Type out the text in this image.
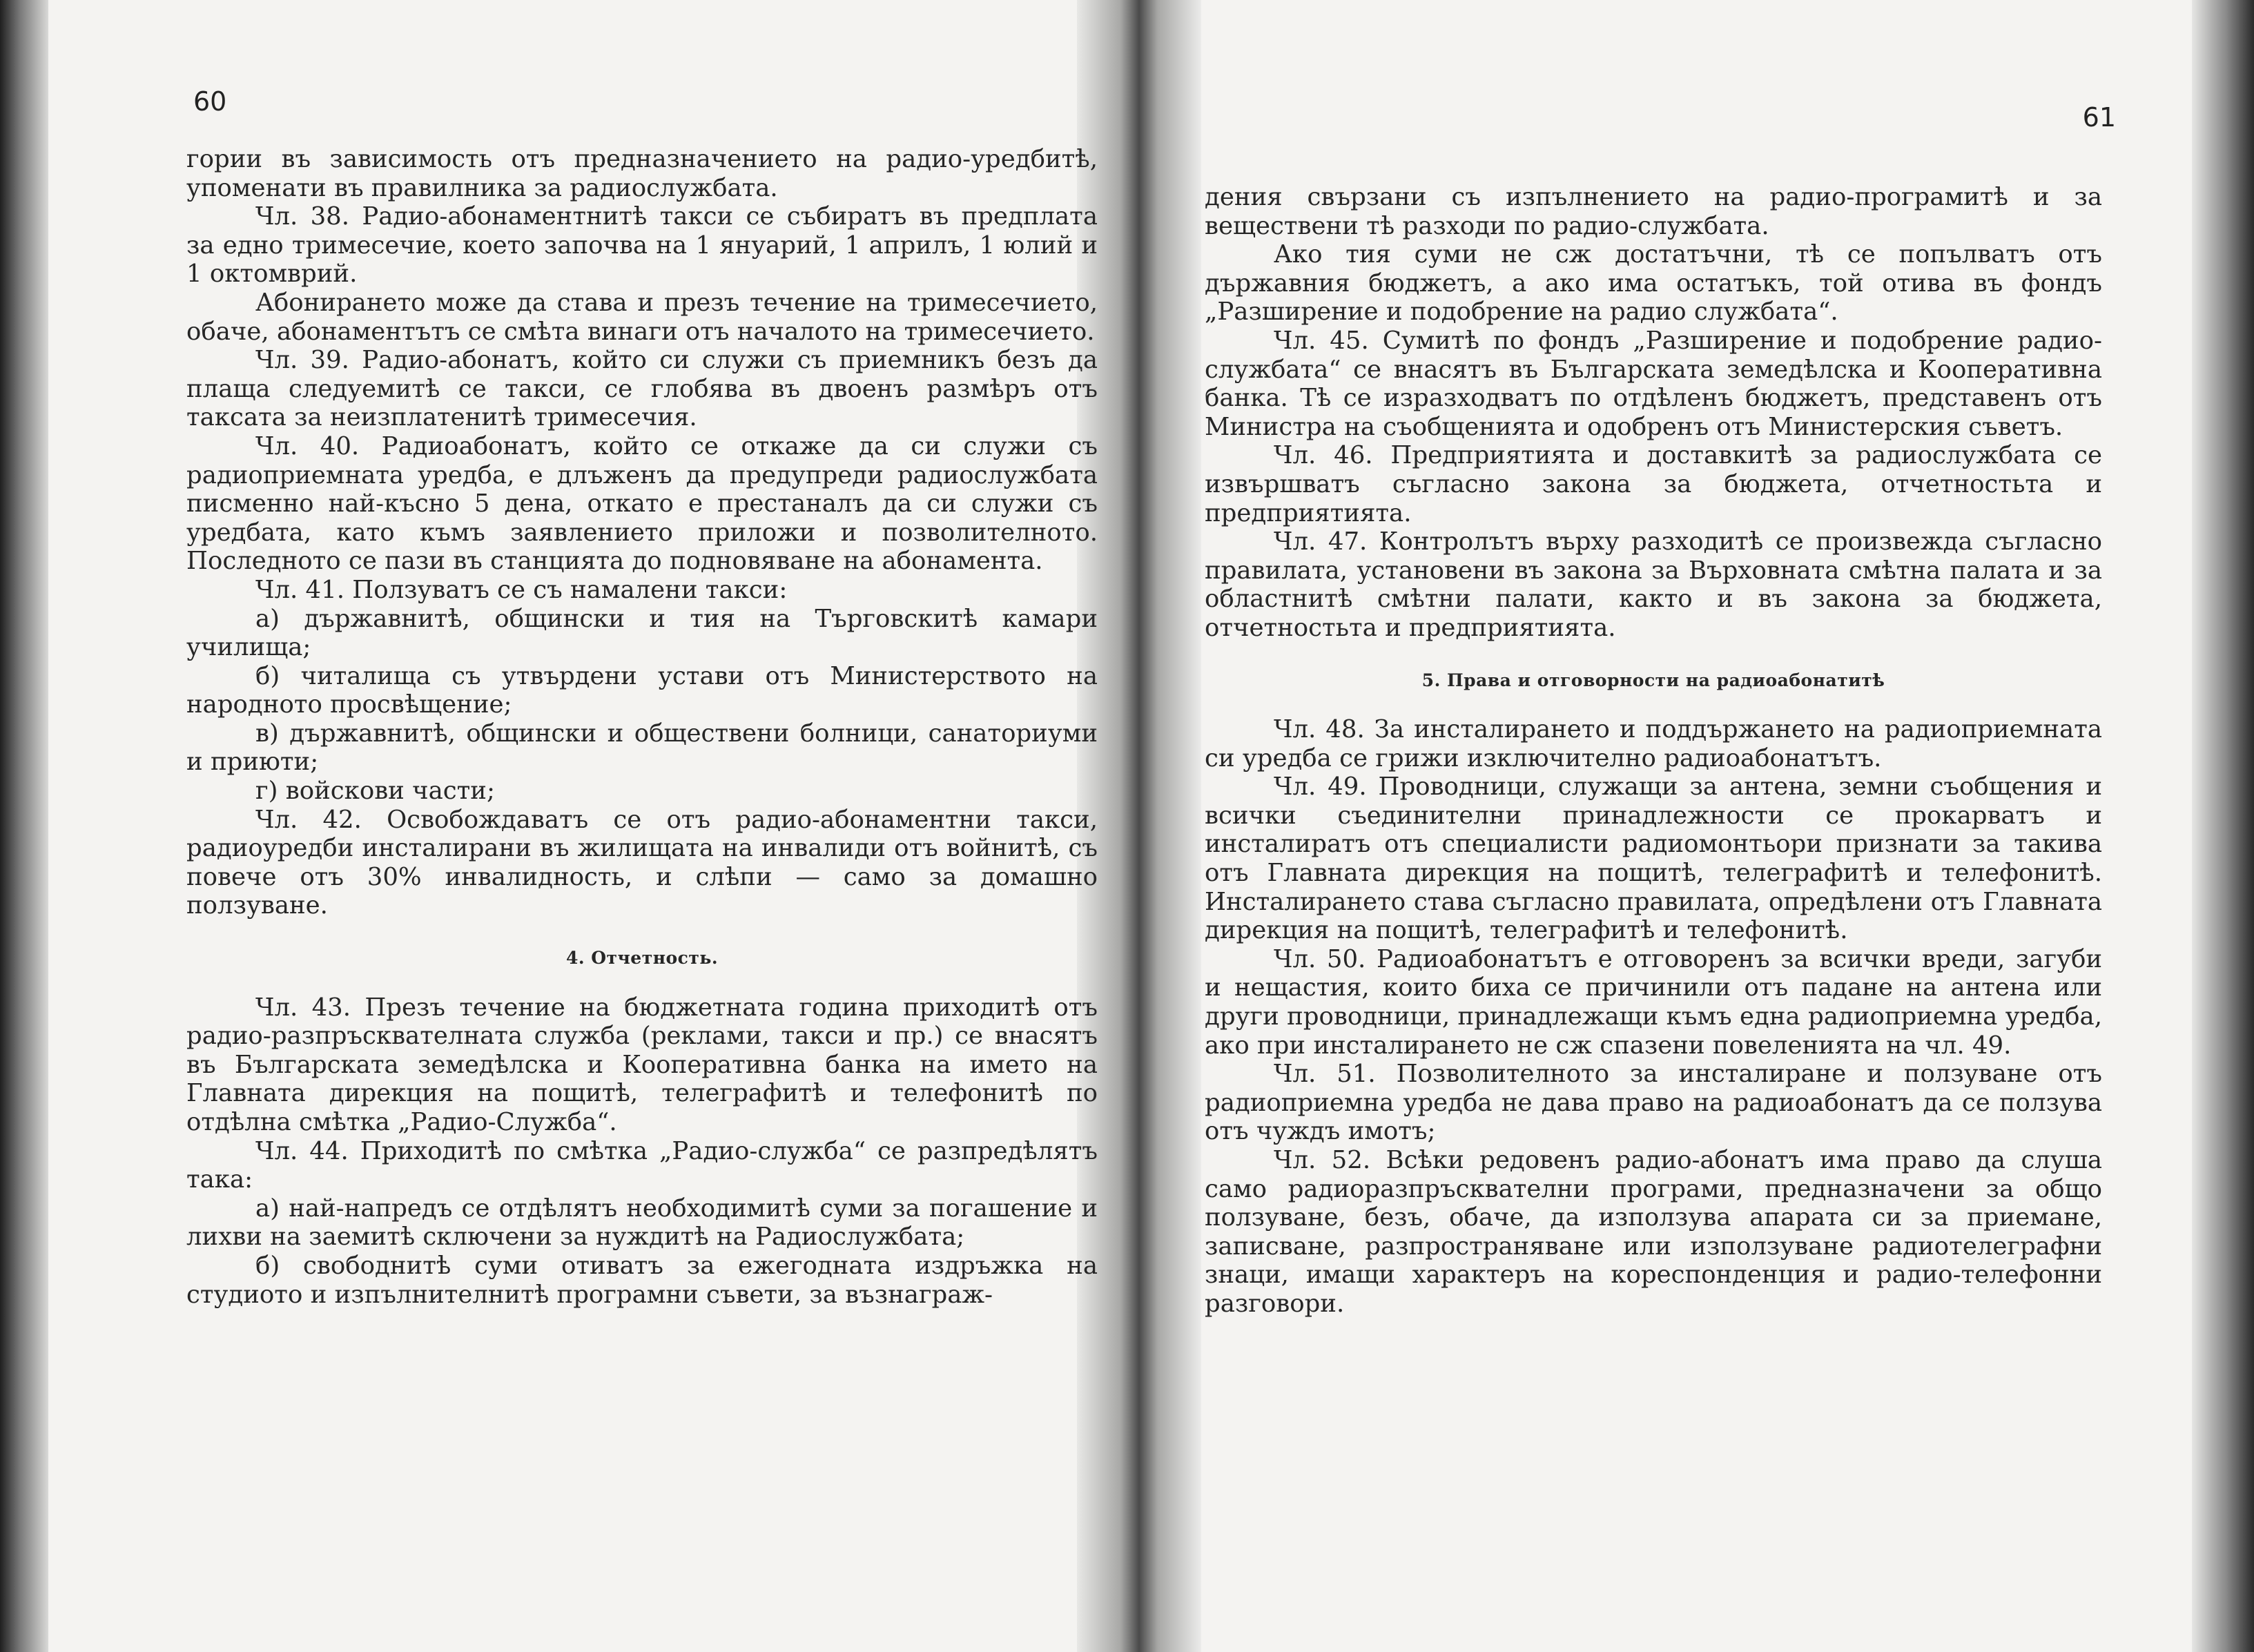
60

гории въ зависимость отъ предназначението на радио-уредбитѣ, упоменати въ правилника за радиослужбата.

Чл. 38. Радио-абонаментнитѣ такси се събиратъ въ предплата за едно тримесечие, което започва на 1 януарий, 1 априлъ, 1 юлий и 1 октомврий.

Абонирането може да става и презъ течение на тримесечието, обаче, абонаментътъ се смѣта винаги отъ началото на тримесечието.

Чл. 39. Радио-абонатъ, който си служи съ приемникъ безъ да плаща следуемитѣ се такси, се глобява въ двоенъ размѣръ отъ таксата за неизплатенитѣ тримесечия.

Чл. 40. Радиоабонатъ, който се откаже да си служи съ радиоприемната уредба, е длъженъ да предупреди радиослужбата писменно най-късно 5 дена, откато е престаналъ да си служи съ уредбата, като къмъ заявлението приложи и позволителното. Последното се пази въ станцията до подновяване на абонамента.

Чл. 41. Ползуватъ се съ намалени такси:

а) държавнитѣ, общински и тия на Търговскитѣ камари училища;

б) читалища съ утвърдени устави отъ Министерството на народното просвѣщение;

в) държавнитѣ, общински и обществени болници, санаториуми и приюти;

г) войскови части;

Чл. 42. Освобождаватъ се отъ радио-абонаментни такси, радиоуредби инсталирани въ жилищата на инвалиди отъ войнитѣ, съ повече отъ 30% инвалидность, и слѣпи — само за домашно ползуване.

4. Отчетность.

Чл. 43. Презъ течение на бюджетната година приходитѣ отъ радио-разпръсквателната служба (реклами, такси и пр.) се внасятъ въ Българската земедѣлска и Кооперативна банка на името на Главната дирекция на пощитѣ, телеграфитѣ и телефонитѣ по отдѣлна смѣтка „Радио-Служба“.

Чл. 44. Приходитѣ по смѣтка „Радио-служба“ се разпредѣлятъ така:

а) най-напредъ се отдѣлятъ необходимитѣ суми за погашение и лихви на заемитѣ сключени за нуждитѣ на Радиослужбата;

б) свободнитѣ суми отиватъ за ежегодната издръжка на студиото и изпълнителнитѣ програмни съвети, за възнаграж-

61

дения свързани съ изпълнението на радио-програмитѣ и за веществени тѣ разходи по радио-службата.

Ако тия суми не сж достатъчни, тѣ се попълватъ отъ държавния бюджетъ, а ако има остатъкъ, той отива въ фондъ „Разширение и подобрение на радио службата“.

Чл. 45. Сумитѣ по фондъ „Разширение и подобрение радио-службата“ се внасятъ въ Българската земедѣлска и Кооперативна банка. Тѣ се изразходватъ по отдѣленъ бюджетъ, представенъ отъ Министра на съобщенията и одобренъ отъ Министерския съветъ.

Чл. 46. Предприятията и доставкитѣ за радиослужбата се извършватъ съгласно закона за бюджета, отчетностьта и предприятията.

Чл. 47. Контролътъ върху разходитѣ се произвежда съгласно правилата, установени въ закона за Върховната смѣтна палата и за областнитѣ смѣтни палати, както и въ закона за бюджета, отчетностьта и предприятията.

5. Права и отговорности на радиоабонатитѣ

Чл. 48. За инсталирането и поддържането на радиоприемната си уредба се грижи изключително радиоабонатътъ.

Чл. 49. Проводници, служащи за антена, земни съобщения и всички съединителни принадлежности се прокарватъ и инсталиратъ отъ специалисти радиомонтьори признати за такива отъ Главната дирекция на пощитѣ, телеграфитѣ и телефонитѣ. Инсталирането става съгласно правилата, опредѣлени отъ Главната дирекция на пощитѣ, телеграфитѣ и телефонитѣ.

Чл. 50. Радиоабонатътъ е отговоренъ за всички вреди, загуби и нещастия, които биха се причинили отъ падане на антена или други проводници, принадлежащи къмъ една радиоприемна уредба, ако при инсталирането не сж спазени повеленията на чл. 49.

Чл. 51. Позволителното за инсталиране и ползуване отъ радиоприемна уредба не дава право на радиоабонатъ да се ползува отъ чуждъ имотъ;

Чл. 52. Всѣки редовенъ радио-абонатъ има право да слуша само радиоразпръсквателни програми, предназначени за общо ползуване, безъ, обаче, да използува апарата си за приемане, записване, разпространяване или използуване радиотелеграфни знаци, имащи характеръ на кореспонденция и радио-телефонни разговори.
